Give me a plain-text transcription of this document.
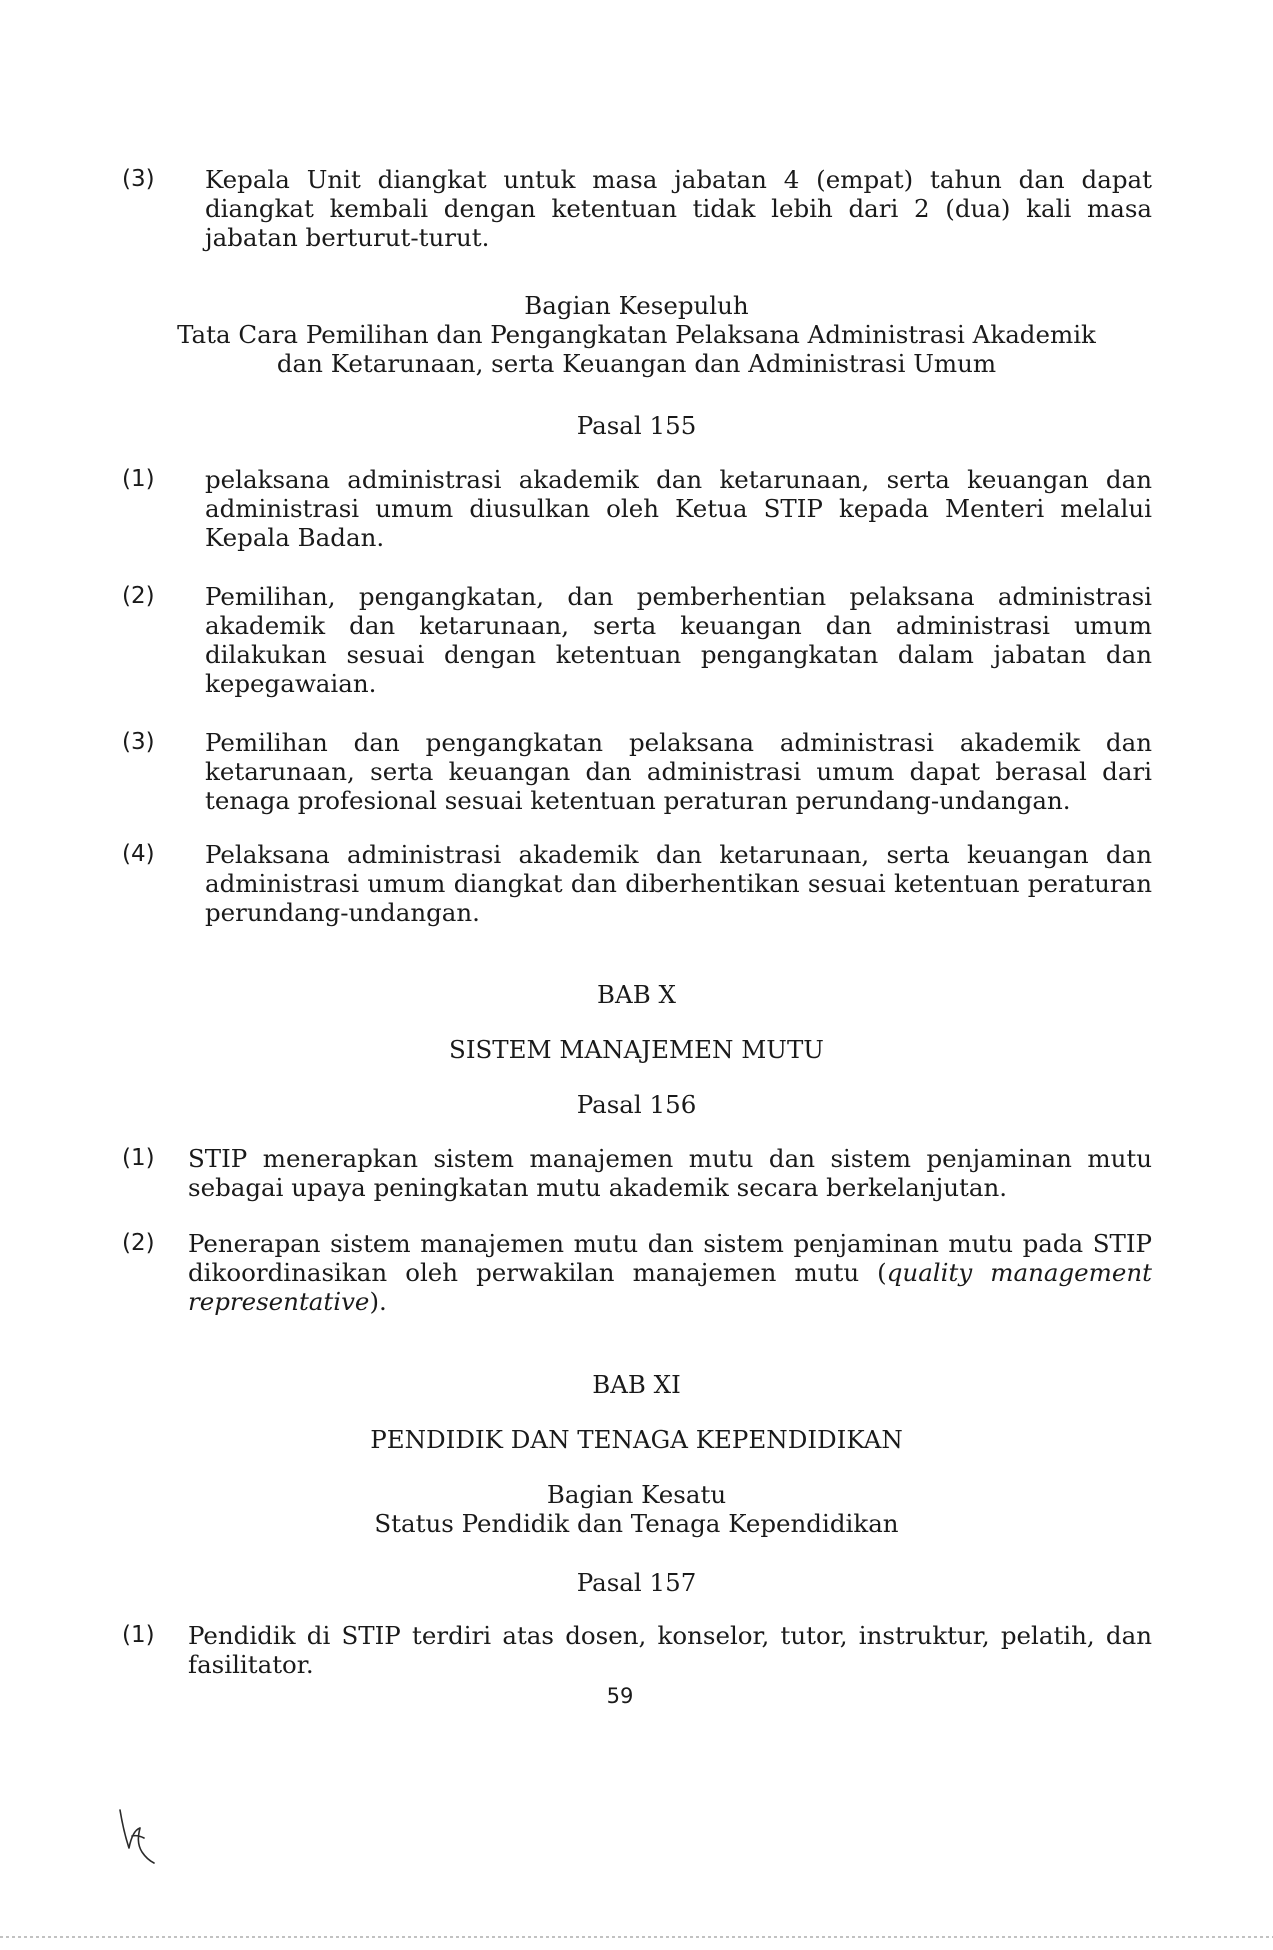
(3) Kepala Unit diangkat untuk masa jabatan 4 (empat) tahun dan dapat diangkat kembali dengan ketentuan tidak lebih dari 2 (dua) kali masa jabatan berturut-turut.
Bagian Kesepuluh
Tata Cara Pemilihan dan Pengangkatan Pelaksana Administrasi Akademik
dan Ketarunaan, serta Keuangan dan Administrasi Umum
Pasal 155
(1) pelaksana administrasi akademik dan ketarunaan, serta keuangan dan administrasi umum diusulkan oleh Ketua STIP kepada Menteri melalui Kepala Badan.
(2) Pemilihan, pengangkatan, dan pemberhentian pelaksana administrasi akademik dan ketarunaan, serta keuangan dan administrasi umum dilakukan sesuai dengan ketentuan pengangkatan dalam jabatan dan kepegawaian.
(3) Pemilihan dan pengangkatan pelaksana administrasi akademik dan ketarunaan, serta keuangan dan administrasi umum dapat berasal dari tenaga profesional sesuai ketentuan peraturan perundang-undangan.
(4) Pelaksana administrasi akademik dan ketarunaan, serta keuangan dan administrasi umum diangkat dan diberhentikan sesuai ketentuan peraturan perundang-undangan.
BAB X
SISTEM MANAJEMEN MUTU
Pasal 156
(1) STIP menerapkan sistem manajemen mutu dan sistem penjaminan mutu sebagai upaya peningkatan mutu akademik secara berkelanjutan.
(2) Penerapan sistem manajemen mutu dan sistem penjaminan mutu pada STIP dikoordinasikan oleh perwakilan manajemen mutu (quality management representative).
BAB XI
PENDIDIK DAN TENAGA KEPENDIDIKAN
Bagian Kesatu
Status Pendidik dan Tenaga Kependidikan
Pasal 157
(1) Pendidik di STIP terdiri atas dosen, konselor, tutor, instruktur, pelatih, dan fasilitator.
59
